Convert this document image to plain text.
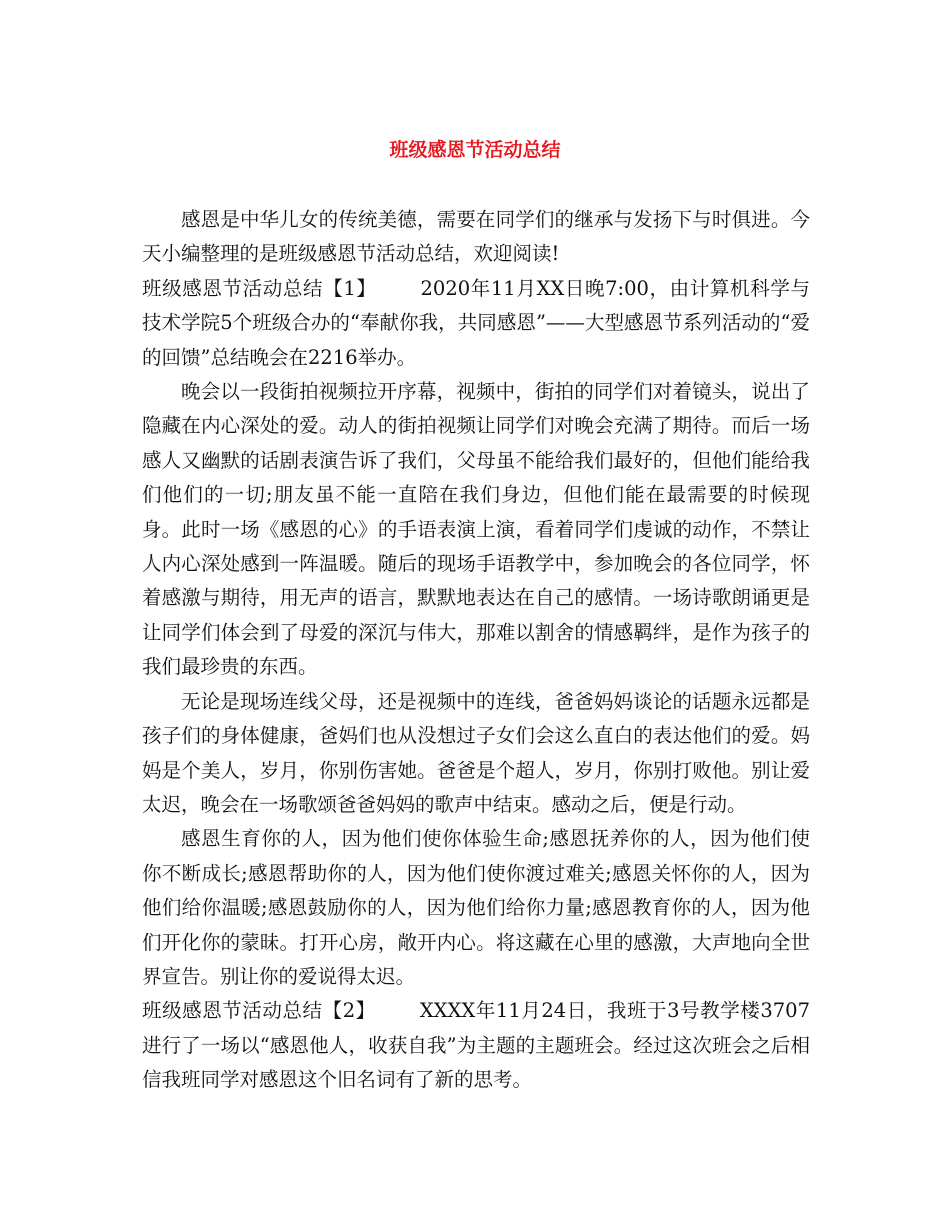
班级感恩节活动总结

感恩是中华儿女的传统美德，需要在同学们的继承与发扬下与时俱进。今天小编整理的是班级感恩节活动总结，欢迎阅读!

班级感恩节活动总结【1】 2020年11月XX日晚7:00，由计算机科学与技术学院5个班级合办的“奉献你我，共同感恩”——大型感恩节系列活动的“爱的回馈”总结晚会在2216举办。

晚会以一段街拍视频拉开序幕，视频中，街拍的同学们对着镜头，说出了隐藏在内心深处的爱。动人的街拍视频让同学们对晚会充满了期待。而后一场感人又幽默的话剧表演告诉了我们，父母虽不能给我们最好的，但他们能给我们他们的一切;朋友虽不能一直陪在我们身边，但他们能在最需要的时候现身。此时一场《感恩的心》的手语表演上演，看着同学们虔诚的动作，不禁让人内心深处感到一阵温暖。随后的现场手语教学中，参加晚会的各位同学，怀着感激与期待，用无声的语言，默默地表达在自己的感情。一场诗歌朗诵更是让同学们体会到了母爱的深沉与伟大，那难以割舍的情感羁绊，是作为孩子的我们最珍贵的东西。

无论是现场连线父母，还是视频中的连线，爸爸妈妈谈论的话题永远都是孩子们的身体健康，爸妈们也从没想过子女们会这么直白的表达他们的爱。妈妈是个美人，岁月，你别伤害她。爸爸是个超人，岁月，你别打败他。别让爱太迟，晚会在一场歌颂爸爸妈妈的歌声中结束。感动之后，便是行动。

感恩生育你的人，因为他们使你体验生命;感恩抚养你的人，因为他们使你不断成长;感恩帮助你的人，因为他们使你渡过难关;感恩关怀你的人，因为他们给你温暖;感恩鼓励你的人，因为他们给你力量;感恩教育你的人，因为他们开化你的蒙昧。打开心房，敞开内心。将这藏在心里的感激，大声地向全世界宣告。别让你的爱说得太迟。

班级感恩节活动总结【2】 XXXX年11月24日，我班于3号教学楼3707进行了一场以“感恩他人，收获自我”为主题的主题班会。经过这次班会之后相信我班同学对感恩这个旧名词有了新的思考。
